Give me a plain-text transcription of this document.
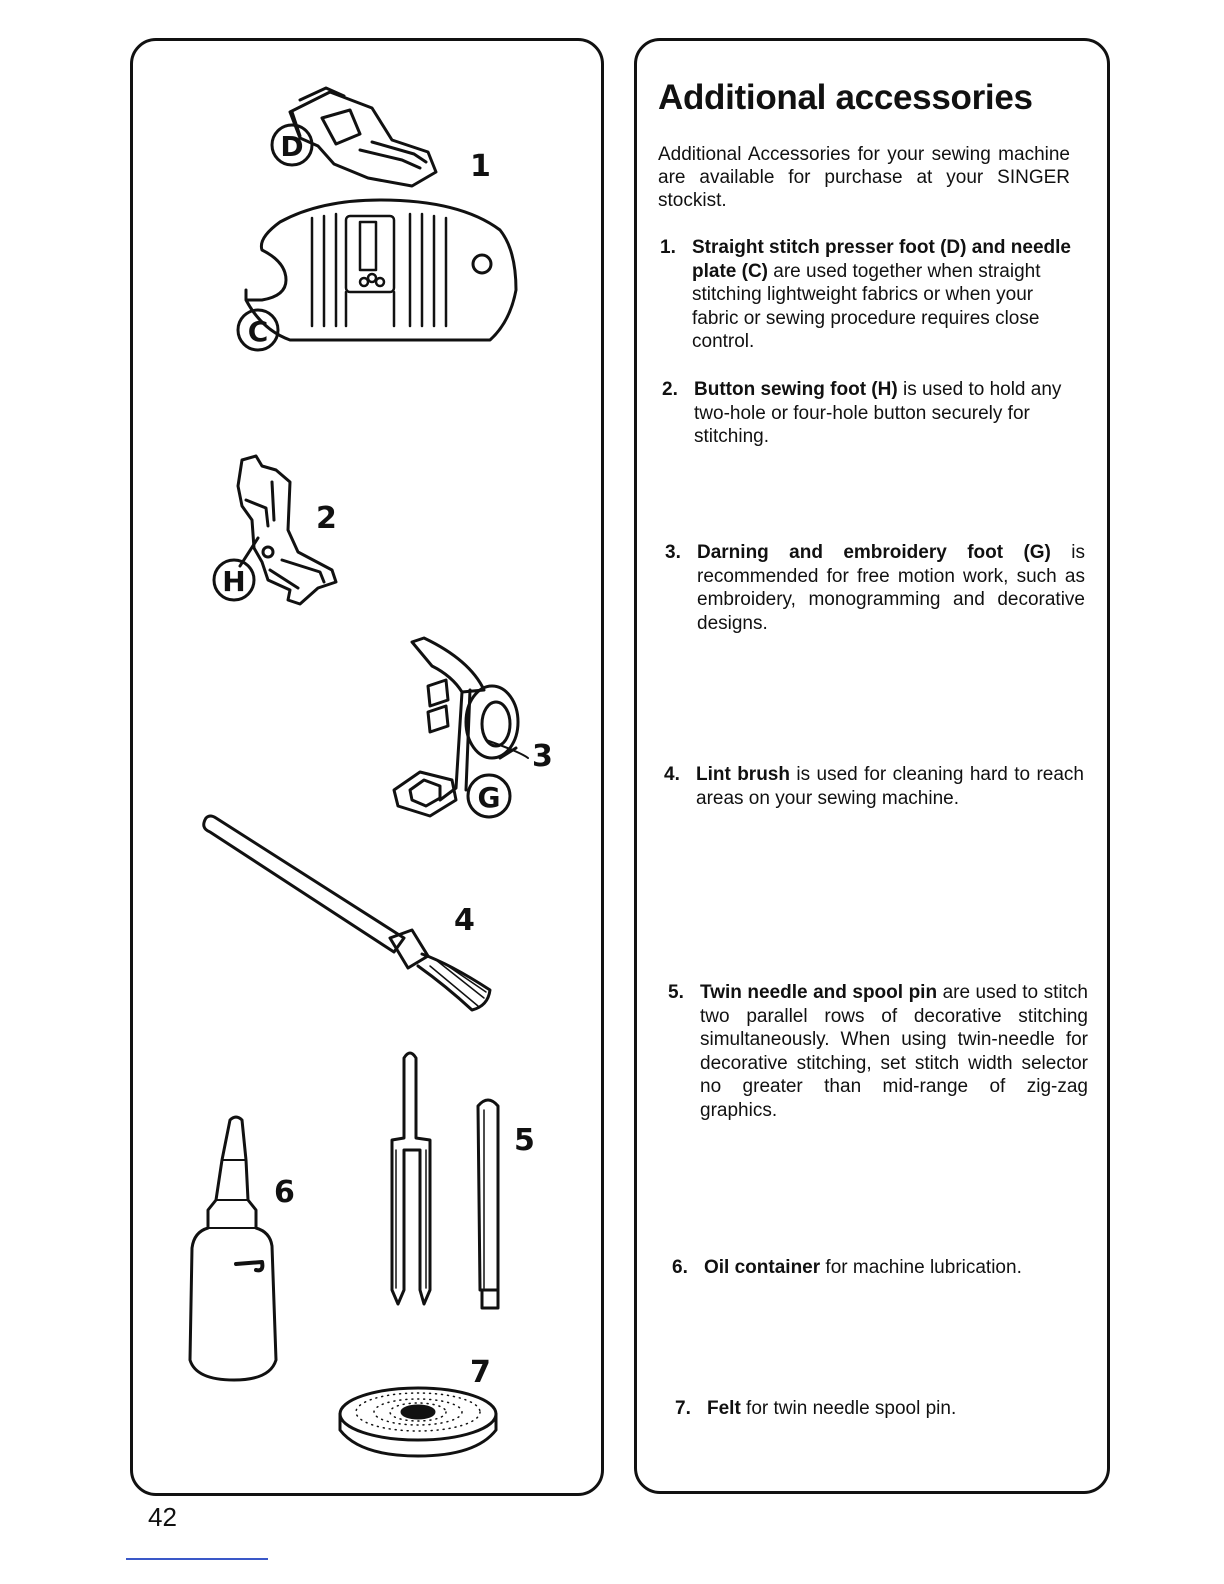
D
C
H
G
1
2
3
4
5
6
7
Additional accessories

Additional Accessories for your sewing machine are available for purchase at your SINGER stockist.

1. Straight stitch presser foot (D) and needle plate (C) are used together when straight stitching lightweight fabrics or when your fabric or sewing procedure requires close control.
2. Button sewing foot (H) is used to hold any two-hole or four-hole button securely for stitching.
3. Darning and embroidery foot (G) is recommended for free motion work, such as embroidery, monogramming and decorative designs.
4. Lint brush is used for cleaning hard to reach areas on your sewing machine.
5. Twin needle and spool pin are used to stitch two parallel rows of decorative stitching simultaneously. When using twin-needle for decorative stitching, set stitch width selector no greater than mid-range of zig-zag graphics.
6. Oil container for machine lubrication.
7. Felt for twin needle spool pin.

42
